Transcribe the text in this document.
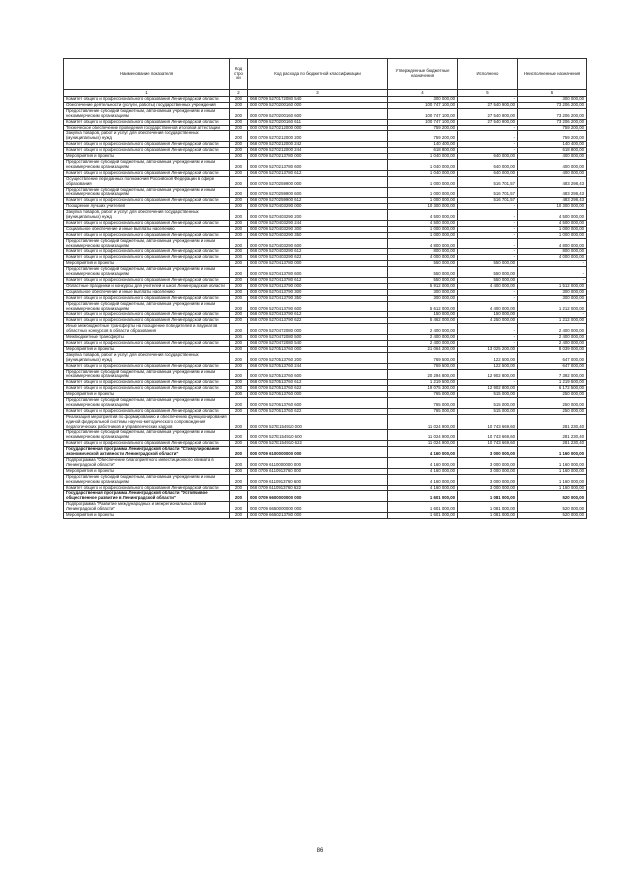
Наименование показателя	Код стро ки	Код расхода по бюджетной классификации	Утвержденные бюджетные назначения	Исполнено	Неисполненные назначения
1	2	3	4	5	6
Комитет общего и профессионального образования Ленинградской области	200	068 0709 5270172080 540	300 000,00	-	300 000,00
Обеспечение деятельности (услуги, работы) государственных учреждений	200	000 0709 5270200160 000	100 747 100,00	27 540 900,00	73 206 200,00
Предоставление субсидий бюджетным, автономным учреждениям и иным некоммерческим организациям	200	000 0709 5270200160 600	100 747 100,00	27 540 900,00	73 206 200,00
Комитет общего и профессионального образования Ленинградской области	200	068 0709 5270200160 611	100 747 100,00	27 540 900,00	73 206 200,00
Техническое обеспечение проведения государственной итоговой аттестации	200	000 0709 5270212000 000	759 200,00	-	759 200,00
Закупка товаров, работ и услуг для обеспечения государственных (муниципальных) нужд	200	000 0709 5270212000 200	759 200,00	-	759 200,00
Комитет общего и профессионального образования Ленинградской области	200	068 0709 5270212000 242	140 400,00	-	140 400,00
Комитет общего и профессионального образования Ленинградской области	200	068 0709 5270212000 244	618 800,00	-	618 800,00
Мероприятия и проекты	200	000 0709 5270213780 000	1 040 000,00	640 000,00	400 000,00
Предоставление субсидий бюджетным, автономным учреждениям и иным некоммерческим организациям	200	000 0709 5270213780 600	1 040 000,00	640 000,00	400 000,00
Комитет общего и профессионального образования Ленинградской области	200	068 0709 5270213780 612	1 040 000,00	640 000,00	400 000,00
Осуществление переданных полномочий Российской Федерации в сфере образования	200	000 0709 5270259900 000	1 000 000,00	516 701,57	483 298,43
Предоставление субсидий бюджетным, автономным учреждениям и иным некоммерческим организациям	200	000 0709 5270259900 600	1 000 000,00	516 701,57	483 298,43
Комитет общего и профессионального образования Ленинградской области	200	068 0709 5270259900 612	1 000 000,00	516 701,57	483 298,43
Поощрение лучших учителей	200	000 0709 5270403290 000	10 300 000,00	-	10 300 000,00
Закупка товаров, работ и услуг для обеспечения государственных (муниципальных) нужд	200	000 0709 5270403290 200	4 500 000,00	-	4 500 000,00
Комитет общего и профессионального образования Ленинградской области	200	068 0709 5270403290 244	4 500 000,00	-	4 500 000,00
Социальное обеспечение и иные выплаты населению	200	000 0709 5270403290 300	1 000 000,00	-	1 000 000,00
Комитет общего и профессионального образования Ленинградской области	200	068 0709 5270403290 350	1 000 000,00	-	1 000 000,00
Предоставление субсидий бюджетным, автономным учреждениям и иным некоммерческим организациям	200	000 0709 5270403290 600	4 800 000,00	-	4 800 000,00
Комитет общего и профессионального образования Ленинградской области	200	068 0709 5270403290 612	800 000,00	-	800 000,00
Комитет общего и профессионального образования Ленинградской области	200	068 0709 5270403290 622	4 000 000,00	-	4 000 000,00
Мероприятия и проекты	200	000 0709 5270413780 000	550 000,00	550 000,00	-
Предоставление субсидий бюджетным, автономным учреждениям и иным некоммерческим организациям	200	000 0709 5270413780 600	550 000,00	550 000,00	-
Комитет общего и профессионального образования Ленинградской области	200	068 0709 5270413780 612	550 000,00	550 000,00	-
Областные праздники и конкурсы для учителей и школ Ленинградской области	200	000 0709 5270413790 000	5 912 000,00	4 400 000,00	1 512 000,00
Социальное обеспечение и иные выплаты населению	200	000 0709 5270413790 300	300 000,00	-	300 000,00
Комитет общего и профессионального образования Ленинградской области	200	068 0709 5270413790 350	300 000,00	-	300 000,00
Предоставление субсидий бюджетным, автономным учреждениям и иным некоммерческим организациям	200	000 0709 5270413790 600	5 612 000,00	4 400 000,00	1 212 000,00
Комитет общего и профессионального образования Ленинградской области	200	068 0709 5270413790 612	150 000,00	150 000,00	-
Комитет общего и профессионального образования Ленинградской области	200	068 0709 5270413790 622	5 462 000,00	4 250 000,00	1 212 000,00
Иные межбюджетные трансферты на поощрение победителей и лауреатов областных конкурсов в области образования	200	000 0709 5270472080 000	2 400 000,00	-	2 400 000,00
Межбюджетные трансферты	200	000 0709 5270472080 500	2 400 000,00	-	2 400 000,00
Комитет общего и профессионального образования Ленинградской области	200	068 0709 5270472080 540	2 400 000,00	-	2 400 000,00
Мероприятия и проекты	200	000 0709 5270513760 000	21 064 200,00	13 025 200,00	8 039 000,00
Закупка товаров, работ и услуг для обеспечения государственных (муниципальных) нужд	200	000 0709 5270513760 200	769 500,00	122 500,00	647 000,00
Комитет общего и профессионального образования Ленинградской области	200	068 0709 5270513760 244	769 500,00	122 500,00	647 000,00
Предоставление субсидий бюджетным, автономным учреждениям и иным некоммерческим организациям	200	000 0709 5270513760 600	20 294 800,00	12 902 800,00	7 392 000,00
Комитет общего и профессионального образования Ленинградской области	200	068 0709 5270513760 612	1 219 500,00	-	1 219 500,00
Комитет общего и профессионального образования Ленинградской области	200	068 0709 5270513760 622	19 075 300,00	12 902 800,00	6 172 500,00
Мероприятия и проекты	200	000 0709 5270613760 000	765 000,00	515 000,00	250 000,00
Предоставление субсидий бюджетным, автономным учреждениям и иным некоммерческим организациям	200	000 0709 5270613760 600	765 000,00	515 000,00	250 000,00
Комитет общего и профессионального образования Ленинградской области	200	068 0709 5270613760 622	765 000,00	515 000,00	250 000,00
Реализация мероприятий по формированию и обеспечению функционирования единой федеральной системы научно-методического сопровождения педагогических работников и управленческих кадров	200	000 0709 527E154910 000	11 024 900,00	10 743 669,60	281 230,40
Предоставление субсидий бюджетным, автономным учреждениям и иным некоммерческим организациям	200	000 0709 527E154910 600	11 024 900,00	10 743 669,60	281 230,40
Комитет общего и профессионального образования Ленинградской области	200	068 0709 527E154910 622	11 024 900,00	10 743 669,60	281 230,40
Государственная программа Ленинградской области "Стимулирование экономической активности Ленинградской области"	200	000 0709 6100000000 000	4 160 000,00	3 000 000,00	1 160 000,00
Подпрограмма "Обеспечение благоприятного инвестиционного климата в Ленинградской области"	200	000 0709 6110000000 000	4 160 000,00	3 000 000,00	1 160 000,00
Мероприятия и проекты	200	000 0709 6110913760 000	4 160 000,00	3 000 000,00	1 160 000,00
Предоставление субсидий бюджетным, автономным учреждениям и иным некоммерческим организациям	200	000 0709 6110913760 600	4 160 000,00	3 000 000,00	1 160 000,00
Комитет общего и профессионального образования Ленинградской области	200	068 0709 6110913760 622	4 160 000,00	3 000 000,00	1 160 000,00
Государственная программа Ленинградской области "Устойчивое общественное развитие в Ленинградской области"	200	000 0709 6600000000 000	1 601 000,00	1 081 000,00	520 000,00
Подпрограмма "Развитие международных и межрегиональных связей Ленинградской области"	200	000 0709 6650000000 000	1 601 000,00	1 081 000,00	520 000,00
Мероприятия и проекты	200	000 0709 6650213780 000	1 601 000,00	1 081 000,00	520 000,00
86
